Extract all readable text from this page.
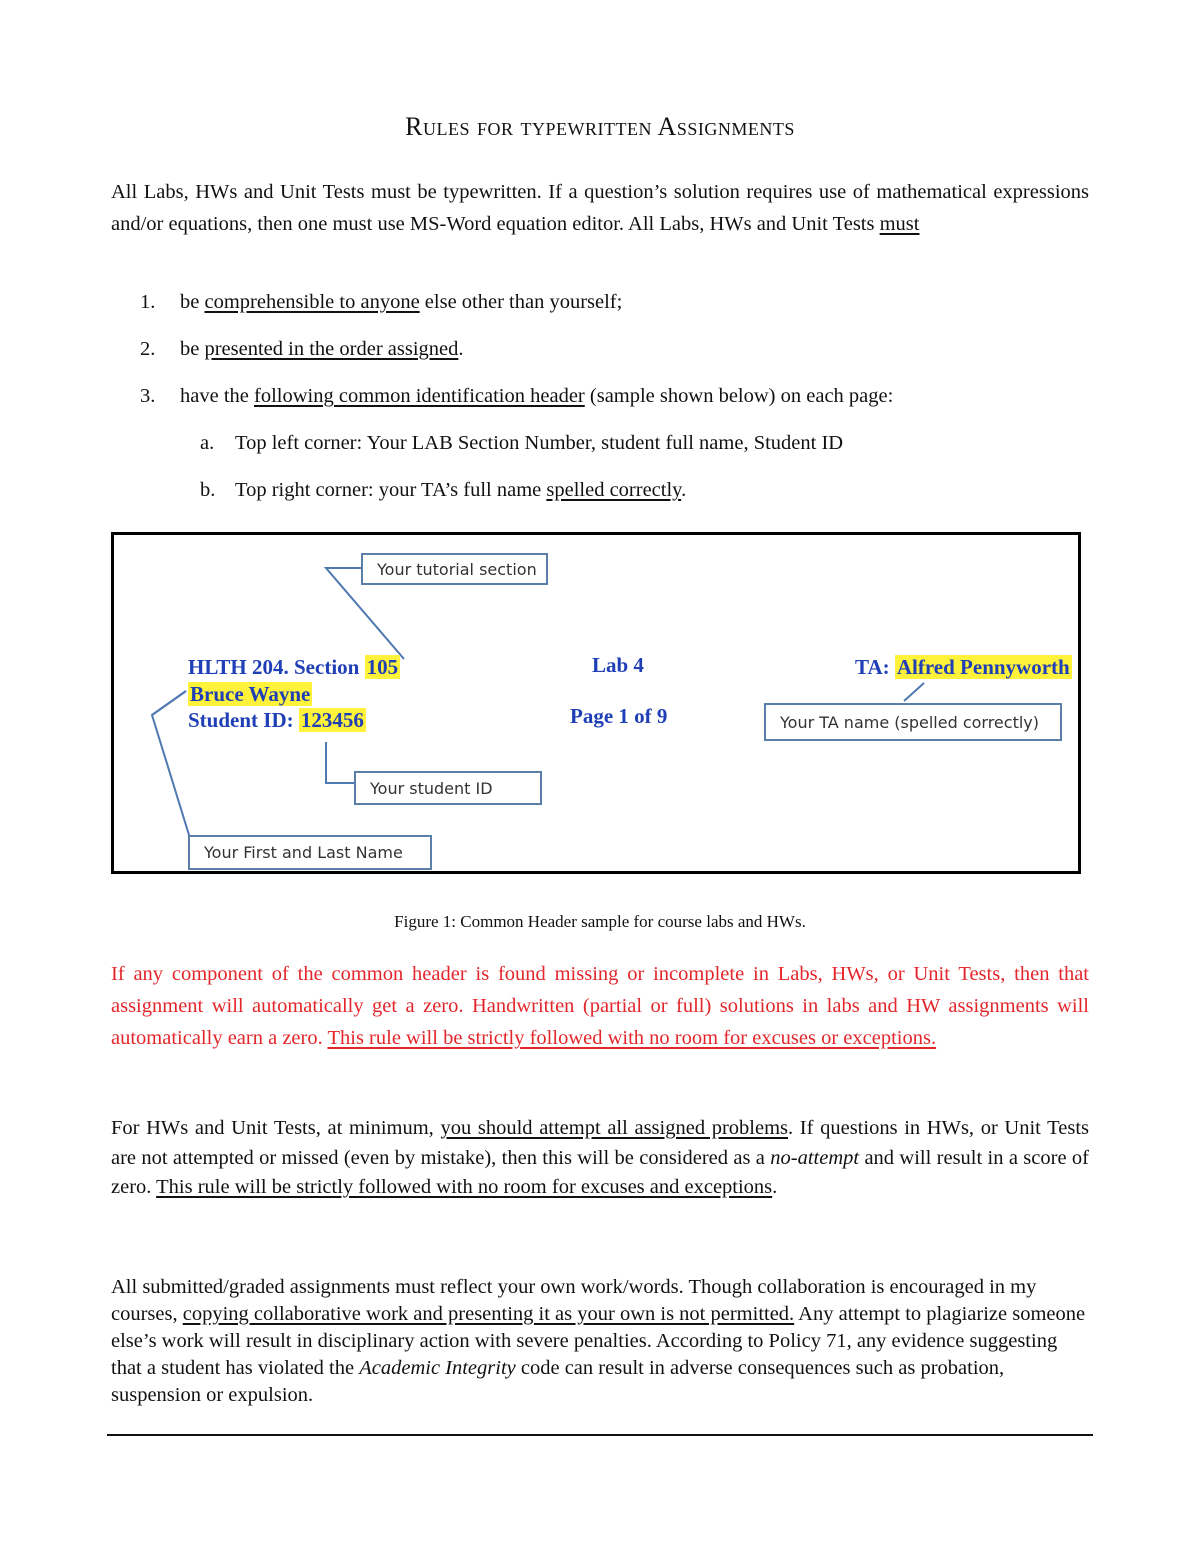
Rules for typewritten Assignments
All Labs, HWs and Unit Tests must be typewritten. If a question’s solution requires use of mathematical expressions and/or equations, then one must use MS-Word equation editor. All Labs, HWs and Unit Tests must
1. be comprehensible to anyone else other than yourself;
2. be presented in the order assigned.
3. have the following common identification header (sample shown below) on each page:
a. Top left corner: Your LAB Section Number, student full name, Student ID
b. Top right corner: your TA’s full name spelled correctly.
Your tutorial section
Your TA name (spelled correctly)
Your student ID
Your First and Last Name
HLTH 204. Section 105
Bruce Wayne
Student ID: 123456
Lab 4
Page 1 of 9
TA: Alfred Pennyworth
Figure 1: Common Header sample for course labs and HWs.
If any component of the common header is found missing or incomplete in Labs, HWs, or Unit Tests, then that assignment will automatically get a zero. Handwritten (partial or full) solutions in labs and HW assignments will automatically earn a zero. This rule will be strictly followed with no room for excuses or exceptions.
For HWs and Unit Tests, at minimum, you should attempt all assigned problems. If questions in HWs, or Unit Tests are not attempted or missed (even by mistake), then this will be considered as a no-attempt and will result in a score of zero. This rule will be strictly followed with no room for excuses and exceptions.
All submitted/graded assignments must reflect your own work/words. Though collaboration is encouraged in my courses, copying collaborative work and presenting it as your own is not permitted. Any attempt to plagiarize someone else’s work will result in disciplinary action with severe penalties. According to Policy 71, any evidence suggesting that a student has violated the Academic Integrity code can result in adverse consequences such as probation, suspension or expulsion.
